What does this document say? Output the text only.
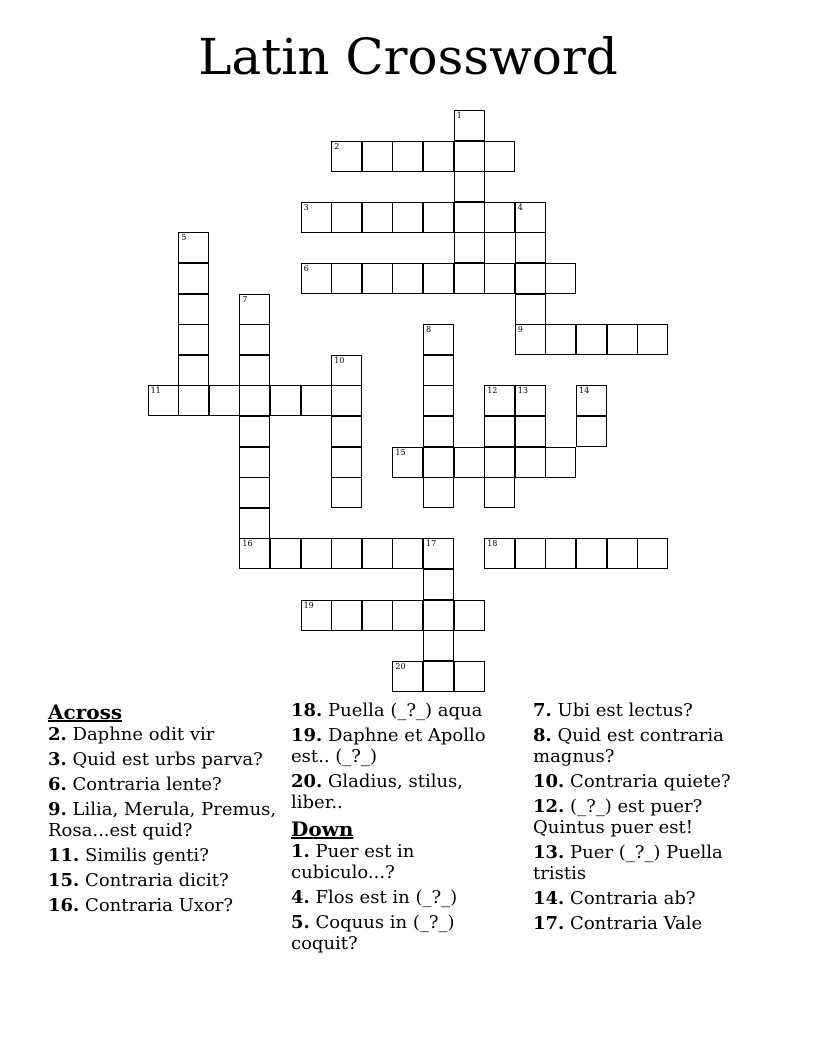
Latin Crossword
1
2
3	4
5
6
7
8	9
10
11	12	13	14
15
16	17	18
19
20
Across
2. Daphne odit vir
3. Quid est urbs parva?
6. Contraria lente?
9. Lilia, Merula, Premus, Rosa...est quid?
11. Similis genti?
15. Contraria dicit?
16. Contraria Uxor?
18. Puella (_?_) aqua
19. Daphne et Apollo est.. (_?_)
20. Gladius, stilus, liber..
Down
1. Puer est in cubiculo...?
4. Flos est in (_?_)
5. Coquus in (_?_) coquit?
7. Ubi est lectus?
8. Quid est contraria magnus?
10. Contraria quiete?
12. (_?_) est puer? Quintus puer est!
13. Puer (_?_) Puella tristis
14. Contraria ab?
17. Contraria Vale
